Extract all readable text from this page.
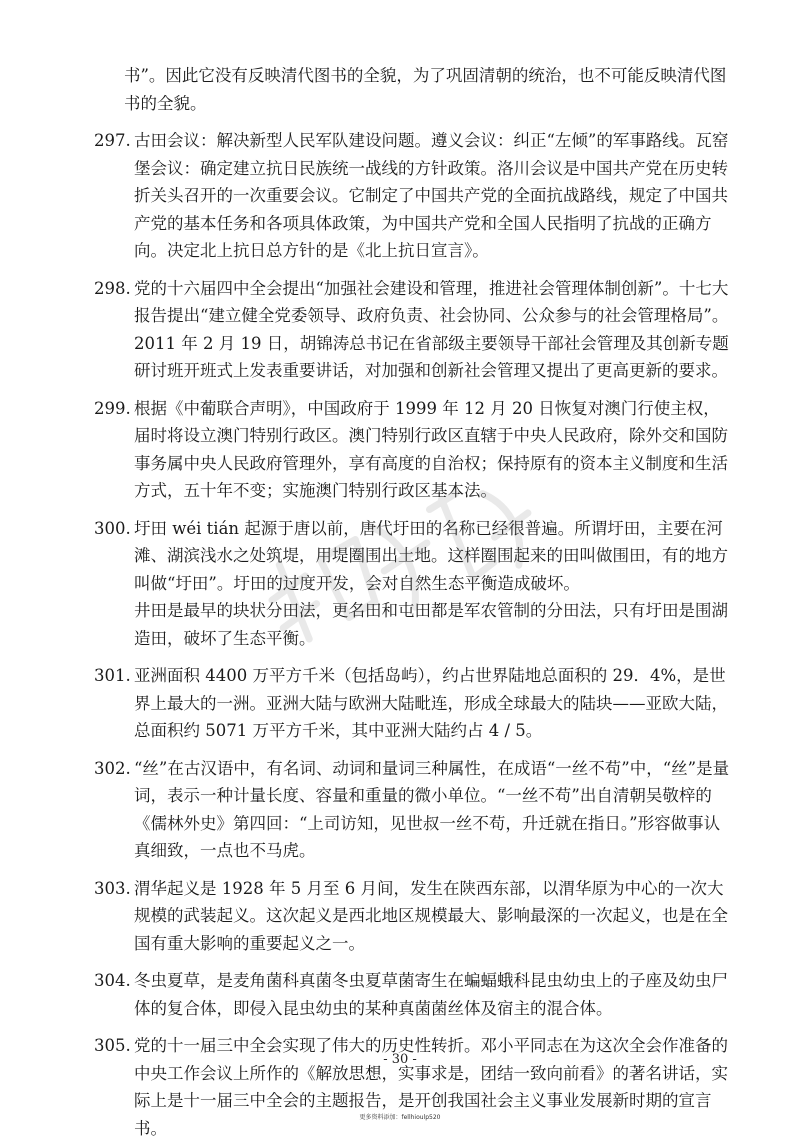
书”。因此它没有反映清代图书的全貌，为了巩固清朝的统治，也不可能反映清代图书的全貌。
297. 古田会议：解决新型人民军队建设问题。遵义会议：纠正“左倾”的军事路线。瓦窑堡会议：确定建立抗日民族统一战线的方针政策。洛川会议是中国共产党在历史转折关头召开的一次重要会议。它制定了中国共产党的全面抗战路线，规定了中国共产党的基本任务和各项具体政策，为中国共产党和全国人民指明了抗战的正确方向。决定北上抗日总方针的是《北上抗日宣言》。
298. 党的十六届四中全会提出“加强社会建设和管理，推进社会管理体制创新”。十七大报告提出“建立健全党委领导、政府负责、社会协同、公众参与的社会管理格局”。2011 年 2 月 19 日，胡锦涛总书记在省部级主要领导干部社会管理及其创新专题研讨班开班式上发表重要讲话，对加强和创新社会管理又提出了更高更新的要求。
299. 根据《中葡联合声明》，中国政府于 1999 年 12 月 20 日恢复对澳门行使主权，届时将设立澳门特别行政区。澳门特别行政区直辖于中央人民政府，除外交和国防事务属中央人民政府管理外，享有高度的自治权；保持原有的资本主义制度和生活方式，五十年不变；实施澳门特别行政区基本法。
300. 圩田 wéi tián 起源于唐以前，唐代圩田的名称已经很普遍。所谓圩田，主要在河滩、湖滨浅水之处筑堤，用堤圈围出土地。这样圈围起来的田叫做围田，有的地方叫做“圩田”。圩田的过度开发，会对自然生态平衡造成破坏。
井田是最早的块状分田法，更名田和屯田都是军农管制的分田法，只有圩田是围湖造田，破坏了生态平衡。
301. 亚洲面积 4400 万平方千米（包括岛屿），约占世界陆地总面积的 29．4%，是世界上最大的一洲。亚洲大陆与欧洲大陆毗连，形成全球最大的陆块——亚欧大陆，总面积约 5071 万平方千米，其中亚洲大陆约占 4 / 5。
302. “丝”在古汉语中，有名词、动词和量词三种属性，在成语“一丝不苟”中，“丝”是量词，表示一种计量长度、容量和重量的微小单位。“一丝不苟”出自清朝吴敬梓的《儒林外史》第四回：“上司访知，见世叔一丝不苟，升迁就在指日。”形容做事认真细致，一点也不马虎。
303. 渭华起义是 1928 年 5 月至 6 月间，发生在陕西东部，以渭华原为中心的一次大规模的武装起义。这次起义是西北地区规模最大、影响最深的一次起义，也是在全国有重大影响的重要起义之一。
304. 冬虫夏草，是麦角菌科真菌冬虫夏草菌寄生在蝙蝠蛾科昆虫幼虫上的子座及幼虫尸体的复合体，即侵入昆虫幼虫的某种真菌菌丝体及宿主的混合体。
305. 党的十一届三中全会实现了伟大的历史性转折。邓小平同志在为这次全会作准备的中央工作会议上所作的《解放思想，实事求是，团结一致向前看》的著名讲话，实际上是十一届三中全会的主题报告，是开创我国社会主义事业发展新时期的宣言书。
- 30 -
更多资料添加：fellhioulp520
